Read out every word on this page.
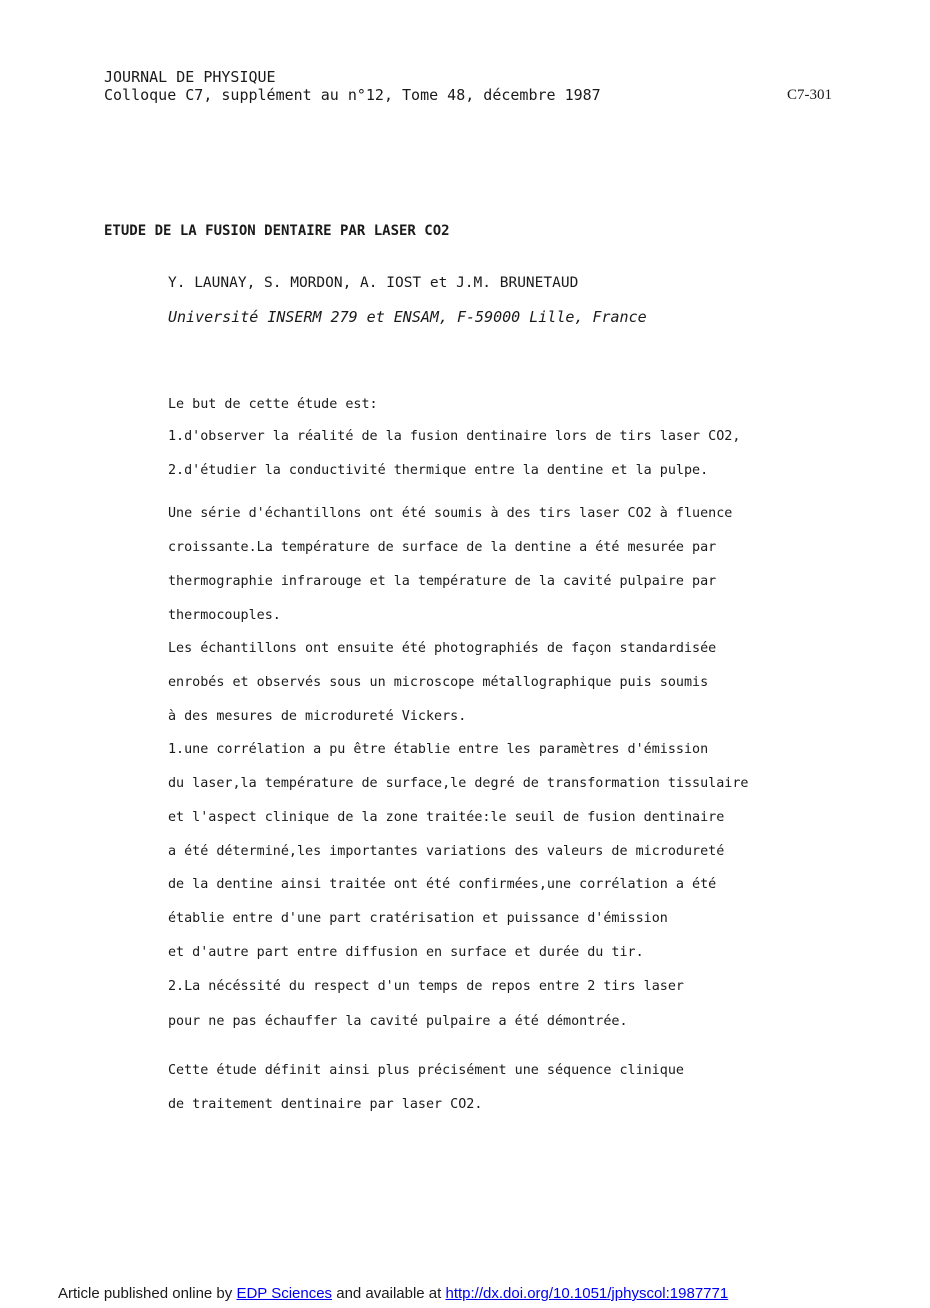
JOURNAL DE PHYSIQUE
Colloque C7, supplément au n°12, Tome 48, décembre 1987	C7-301
ETUDE DE LA FUSION DENTAIRE PAR LASER CO2
Y. LAUNAY, S. MORDON, A. IOST et J.M. BRUNETAUD
Université INSERM 279 et ENSAM, F-59000 Lille, France
Le but de cette étude est:
1.d'observer la réalité de la fusion dentinaire lors de tirs laser CO2,
2.d'étudier la conductivité thermique entre la dentine et la pulpe.
Une série d'échantillons ont été soumis à des tirs laser CO2 à fluence
croissante.La température de surface de la dentine a été mesurée par
thermographie infrarouge et la température de la cavité pulpaire par
thermocouples.
Les échantillons ont ensuite été photographiés de façon standardisée
enrobés et observés sous un microscope métallographique puis soumis
à des mesures de microdureté Vickers.
1.une corrélation a pu être établie entre les paramètres d'émission
du laser,la température de surface,le degré de transformation tissulaire
et l'aspect clinique de la zone traitée:le seuil de fusion dentinaire
a été déterminé,les importantes variations des valeurs de microdureté
de la dentine ainsi traitée ont été confirmées,une corrélation a été
établie entre d'une part cratérisation et puissance d'émission
et d'autre part entre diffusion en surface et durée du tir.
2.La nécéssité du respect d'un temps de repos entre 2 tirs laser
pour ne pas échauffer la cavité pulpaire a été démontrée.
Cette étude définit ainsi plus précisément une séquence clinique
de traitement dentinaire par laser CO2.
Article published online by EDP Sciences and available at http://dx.doi.org/10.1051/jphyscol:1987771
